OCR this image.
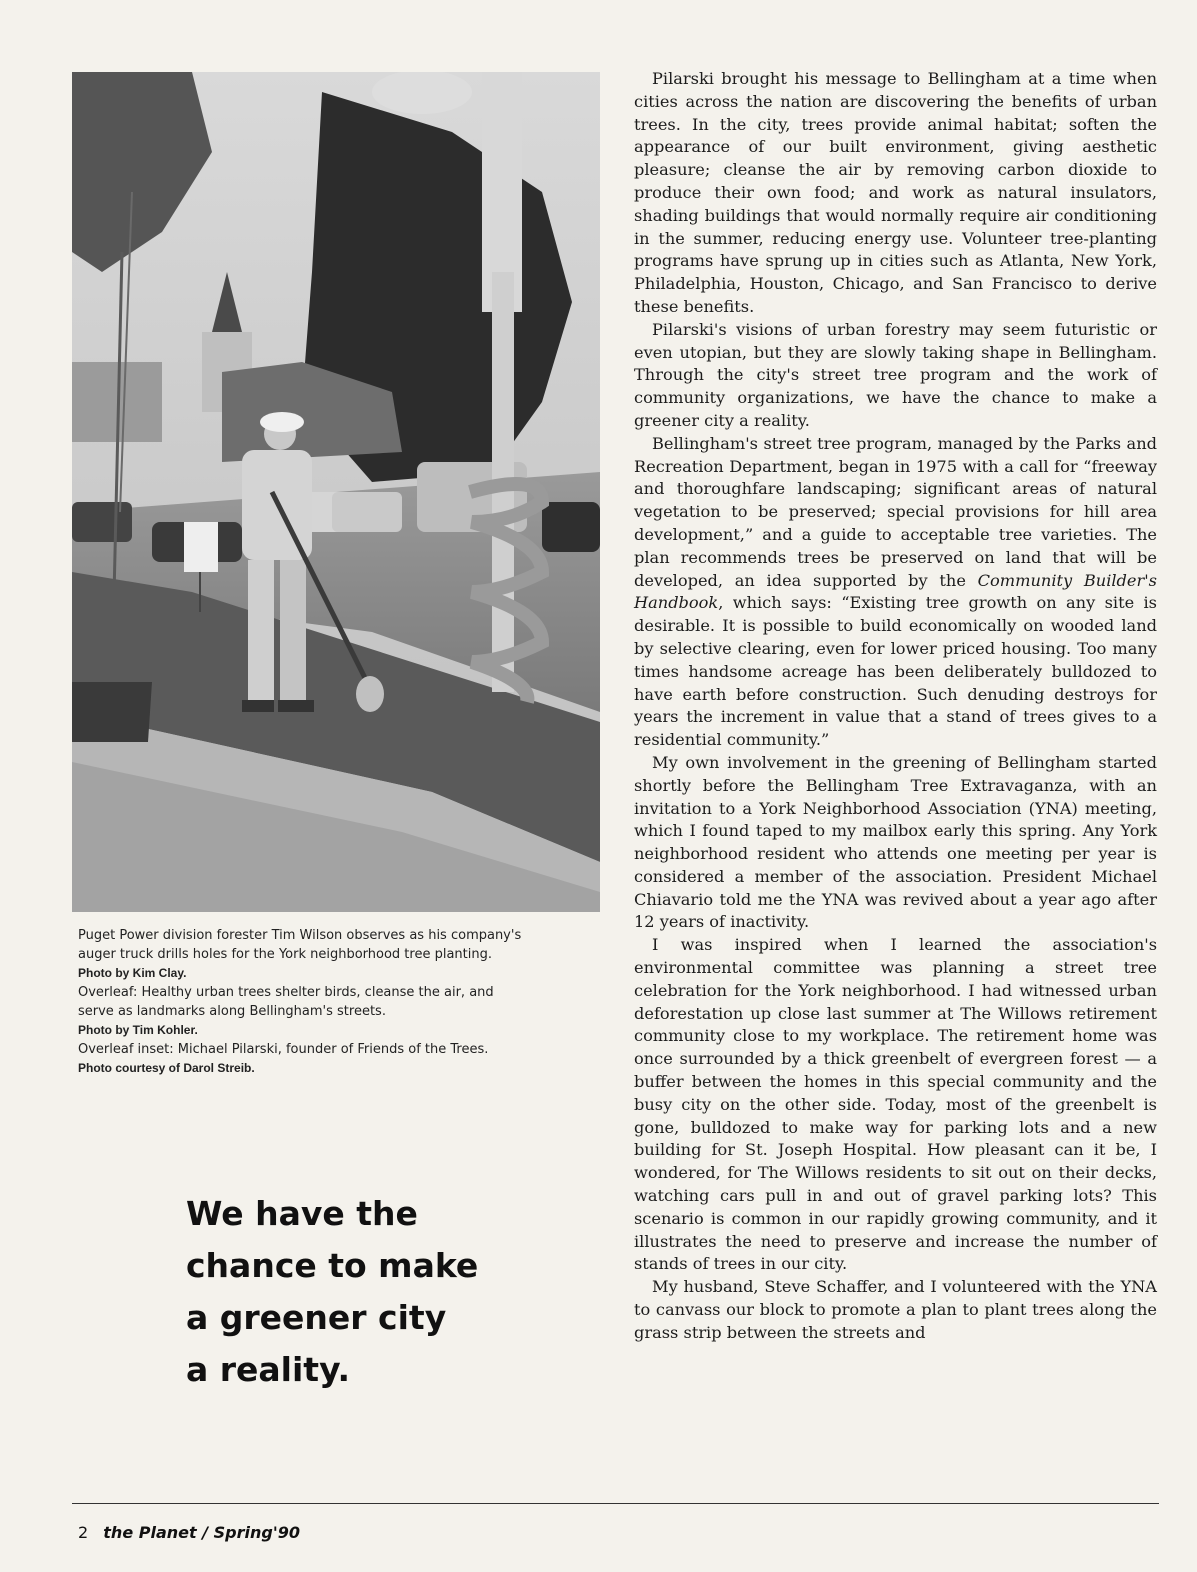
Puget Power division forester Tim Wilson observes as his company's
auger truck drills holes for the York neighborhood tree planting.
Photo by Kim Clay.
Overleaf: Healthy urban trees shelter birds, cleanse the air, and
serve as landmarks along Bellingham's streets.
Photo by Tim Kohler.
Overleaf inset: Michael Pilarski, founder of Friends of the Trees.
Photo courtesy of Darol Streib.
We have the
chance to make
a greener city
a reality.

Pilarski brought his message to Bellingham at a time when cities across the nation are discovering the benefits of urban trees. In the city, trees provide animal habitat; soften the appearance of our built environment, giving aesthetic pleasure; cleanse the air by removing carbon dioxide to produce their own food; and work as natural insulators, shading buildings that would normally require air conditioning in the summer, reducing energy use. Volunteer tree-planting programs have sprung up in cities such as Atlanta, New York, Philadelphia, Houston, Chicago, and San Francisco to derive these benefits.

Pilarski's visions of urban forestry may seem futuristic or even utopian, but they are slowly taking shape in Bellingham. Through the city's street tree program and the work of community organizations, we have the chance to make a greener city a reality.

Bellingham's street tree program, managed by the Parks and Recreation Department, began in 1975 with a call for “freeway and thoroughfare landscaping; significant areas of natural vegetation to be preserved; special provisions for hill area development,” and a guide to acceptable tree varieties. The plan recommends trees be preserved on land that will be developed, an idea supported by the Community Builder's Handbook, which says: “Existing tree growth on any site is desirable. It is possible to build economically on wooded land by selective clearing, even for lower priced housing. Too many times handsome acreage has been deliberately bulldozed to have earth before construction. Such denuding destroys for years the increment in value that a stand of trees gives to a residential community.”

My own involvement in the greening of Bellingham started shortly before the Bellingham Tree Extravaganza, with an invitation to a York Neighborhood Association (YNA) meeting, which I found taped to my mailbox early this spring. Any York neighborhood resident who attends one meeting per year is considered a member of the association. President Michael Chiavario told me the YNA was revived about a year ago after 12 years of inactivity.

I was inspired when I learned the association's environmental committee was planning a street tree celebration for the York neighborhood. I had witnessed urban deforestation up close last summer at The Willows retirement community close to my workplace. The retirement home was once surrounded by a thick greenbelt of evergreen forest — a buffer between the homes in this special community and the busy city on the other side. Today, most of the greenbelt is gone, bulldozed to make way for parking lots and a new building for St. Joseph Hospital. How pleasant can it be, I wondered, for The Willows residents to sit out on their decks, watching cars pull in and out of gravel parking lots? This scenario is common in our rapidly growing community, and it illustrates the need to preserve and increase the number of stands of trees in our city.

My husband, Steve Schaffer, and I volunteered with the YNA to canvass our block to promote a plan to plant trees along the grass strip between the streets and

2 the Planet / Spring'90
